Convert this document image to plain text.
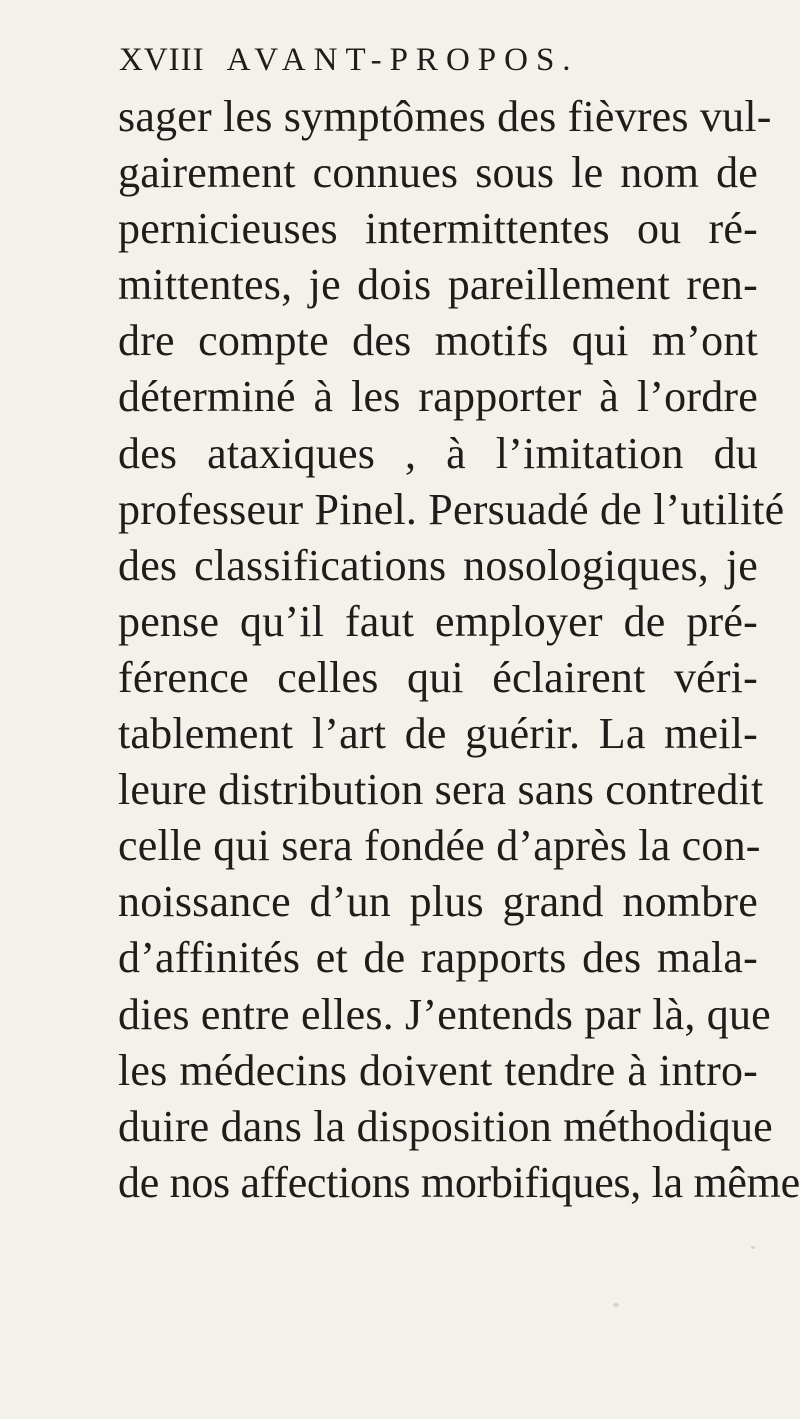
XVIII AVANT-PROPOS.
sager les symptômes des fièvres vul-
gairement connues sous le nom de
pernicieuses intermittentes ou ré-
mittentes, je dois pareillement ren-
dre compte des motifs qui m’ont
déterminé à les rapporter à l’ordre
des ataxiques , à l’imitation du
professeur Pinel. Persuadé de l’utilité
des classifications nosologiques, je
pense qu’il faut employer de pré-
férence celles qui éclairent véri-
tablement l’art de guérir. La meil-
leure distribution sera sans contredit
celle qui sera fondée d’après la con-
noissance d’un plus grand nombre
d’affinités et de rapports des mala-
dies entre elles. J’entends par là, que
les médecins doivent tendre à intro-
duire dans la disposition méthodique
de nos affections morbifiques, la même
